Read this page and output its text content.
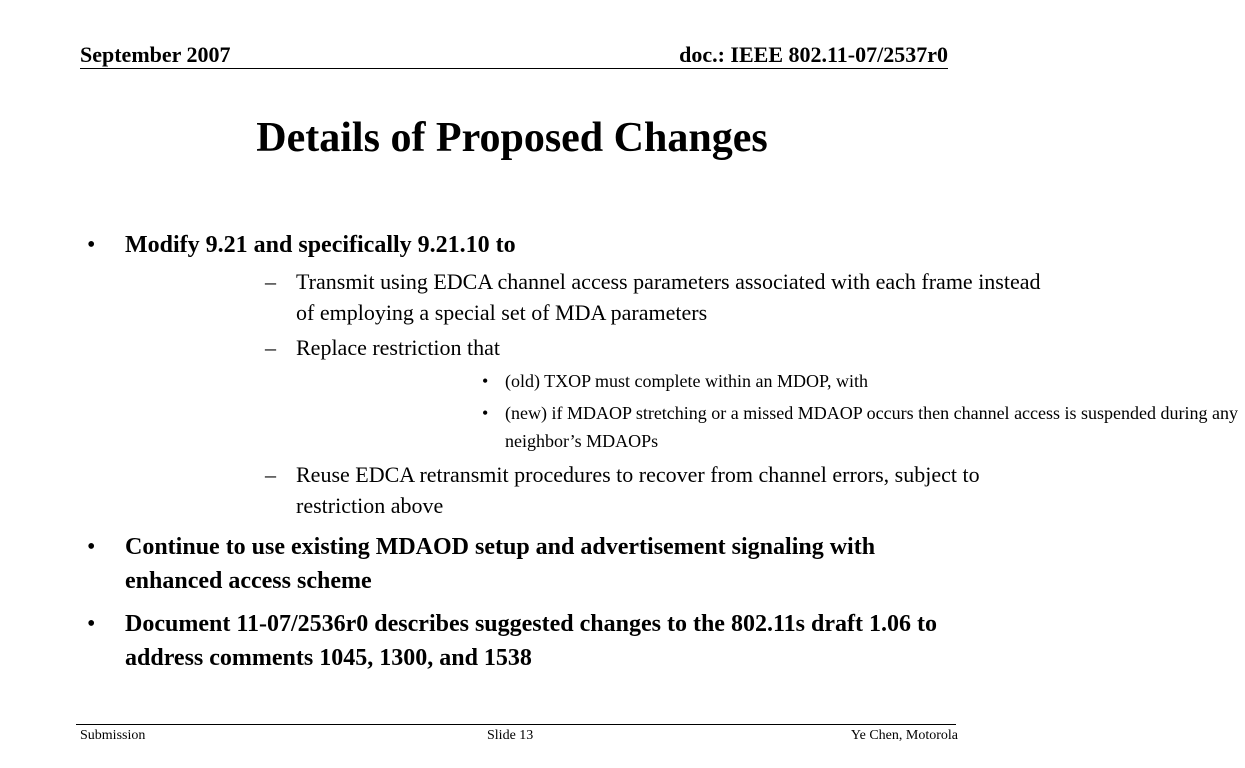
September 2007	doc.: IEEE 802.11-07/2537r0
Details of Proposed Changes
• Modify 9.21 and specifically 9.21.10 to
– Transmit using EDCA channel access parameters associated with each frame instead of employing a special set of MDA parameters
– Replace restriction that
• (old) TXOP must complete within an MDOP, with
• (new) if MDAOP stretching or a missed MDAOP occurs then channel access is suspended during any neighbor’s MDAOPs
– Reuse EDCA retransmit procedures to recover from channel errors, subject to restriction above
• Continue to use existing MDAOD setup and advertisement signaling with enhanced access scheme
• Document 11-07/2536r0 describes suggested changes to the 802.11s draft 1.06 to address comments 1045, 1300, and 1538
Submission	Slide 13	Ye Chen, Motorola
